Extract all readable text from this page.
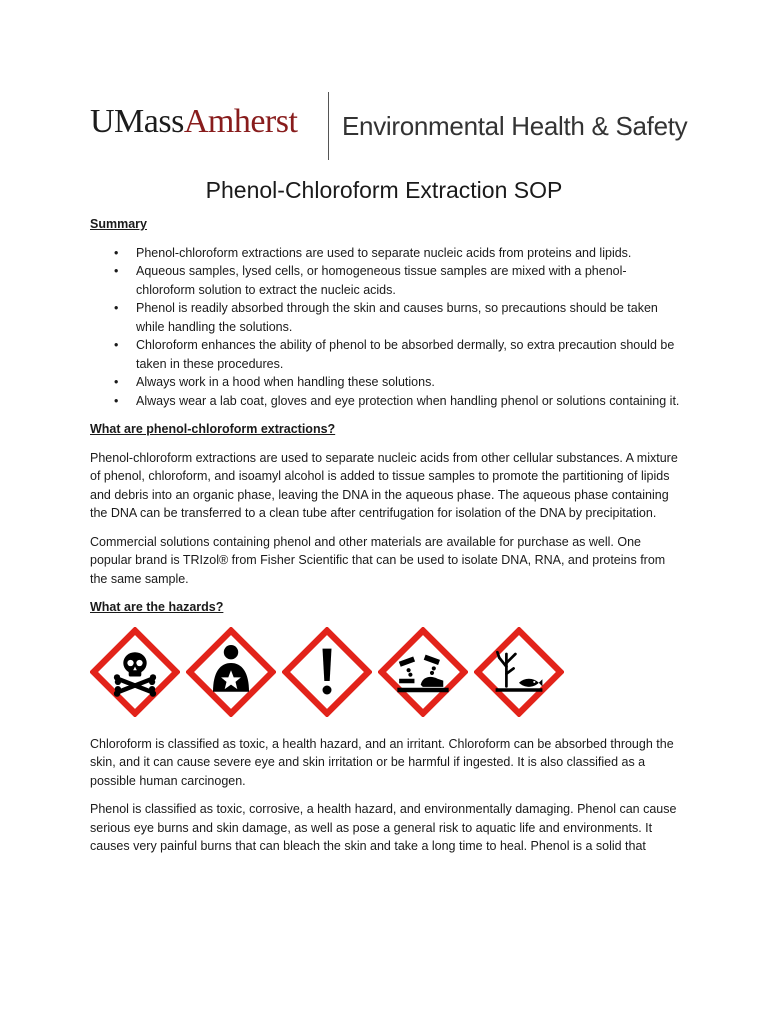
UMassAmherst Environmental Health & Safety
Phenol-Chloroform Extraction SOP
Summary
• Phenol-chloroform extractions are used to separate nucleic acids from proteins and lipids.
• Aqueous samples, lysed cells, or homogeneous tissue samples are mixed with a phenol-chloroform solution to extract the nucleic acids.
• Phenol is readily absorbed through the skin and causes burns, so precautions should be taken while handling the solutions.
• Chloroform enhances the ability of phenol to be absorbed dermally, so extra precaution should be taken in these procedures.
• Always work in a hood when handling these solutions.
• Always wear a lab coat, gloves and eye protection when handling phenol or solutions containing it.
What are phenol-chloroform extractions?

Phenol-chloroform extractions are used to separate nucleic acids from other cellular substances. A mixture of phenol, chloroform, and isoamyl alcohol is added to tissue samples to promote the partitioning of lipids and debris into an organic phase, leaving the DNA in the aqueous phase. The aqueous phase containing the DNA can be transferred to a clean tube after centrifugation for isolation of the DNA by precipitation.

Commercial solutions containing phenol and other materials are available for purchase as well. One popular brand is TRIzol® from Fisher Scientific that can be used to isolate DNA, RNA, and proteins from the same sample.

What are the hazards?

Chloroform is classified as toxic, a health hazard, and an irritant. Chloroform can be absorbed through the skin, and it can cause severe eye and skin irritation or be harmful if ingested. It is also classified as a possible human carcinogen.

Phenol is classified as toxic, corrosive, a health hazard, and environmentally damaging. Phenol can cause serious eye burns and skin damage, as well as pose a general risk to aquatic life and environments. It causes very painful burns that can bleach the skin and take a long time to heal. Phenol is a solid that
